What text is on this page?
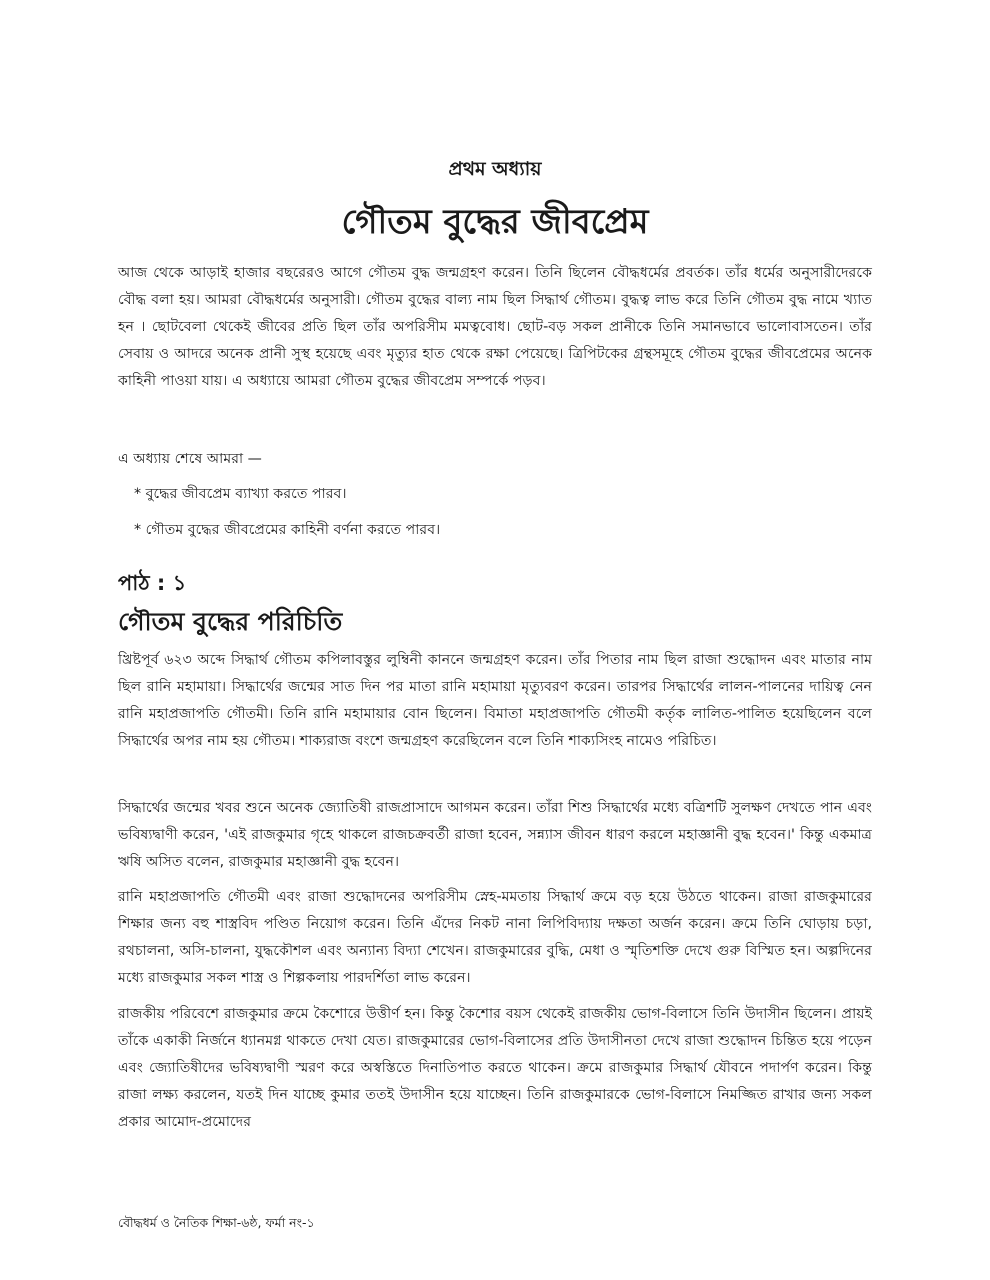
প্রথম অধ্যায়
গৌতম বুদ্ধের জীবপ্রেম

আজ থেকে আড়াই হাজার বছরেরও আগে গৌতম বুদ্ধ জন্মগ্রহণ করেন। তিনি ছিলেন বৌদ্ধধর্মের প্রবর্তক। তাঁর ধর্মের অনুসারীদেরকে বৌদ্ধ বলা হয়। আমরা বৌদ্ধধর্মের অনুসারী। গৌতম বুদ্ধের বাল্য নাম ছিল সিদ্ধার্থ গৌতম। বুদ্ধত্ব লাভ করে তিনি গৌতম বুদ্ধ নামে খ্যাত হন । ছোটবেলা থেকেই জীবের প্রতি ছিল তাঁর অপরিসীম মমত্ববোধ। ছোট-বড় সকল প্রানীকে তিনি সমানভাবে ভালোবাসতেন। তাঁর সেবায় ও আদরে অনেক প্রানী সুস্থ হয়েছে এবং মৃত্যুর হাত থেকে রক্ষা পেয়েছে। ত্রিপিটকের গ্রন্থসমূহে গৌতম বুদ্ধের জীবপ্রেমের অনেক কাহিনী পাওয়া যায়। এ অধ্যায়ে আমরা গৌতম বুদ্ধের জীবপ্রেম সম্পর্কে পড়ব।

এ অধ্যায় শেষে আমরা —

* বুদ্ধের জীবপ্রেম ব্যাখ্যা করতে পারব।

* গৌতম বুদ্ধের জীবপ্রেমের কাহিনী বর্ণনা করতে পারব।

পাঠ : ১

গৌতম বুদ্ধের পরিচিতি

খ্রিষ্টপূর্ব ৬২৩ অব্দে সিদ্ধার্থ গৌতম কপিলাবস্তুর লুম্বিনী কাননে জন্মগ্রহণ করেন। তাঁর পিতার নাম ছিল রাজা শুদ্ধোদন এবং মাতার নাম ছিল রানি মহামায়া। সিদ্ধার্থের জন্মের সাত দিন পর মাতা রানি মহামায়া মৃত্যুবরণ করেন। তারপর সিদ্ধার্থের লালন-পালনের দায়িত্ব নেন রানি মহাপ্রজাপতি গৌতমী। তিনি রানি মহামায়ার বোন ছিলেন। বিমাতা মহাপ্রজাপতি গৌতমী কর্তৃক লালিত-পালিত হয়েছিলেন বলে সিদ্ধার্থের অপর নাম হয় গৌতম। শাক্যরাজ বংশে জন্মগ্রহণ করেছিলেন বলে তিনি শাক্যসিংহ নামেও পরিচিত।

সিদ্ধার্থের জন্মের খবর শুনে অনেক জ্যোতিষী রাজপ্রাসাদে আগমন করেন। তাঁরা শিশু সিদ্ধার্থের মধ্যে বত্রিশটি সুলক্ষণ দেখতে পান এবং ভবিষ্যদ্বাণী করেন, 'এই রাজকুমার গৃহে থাকলে রাজচক্রবর্তী রাজা হবেন, সন্ন্যাস জীবন ধারণ করলে মহাজ্ঞানী বুদ্ধ হবেন।' কিন্তু একমাত্র ঋষি অসিত বলেন, রাজকুমার মহাজ্ঞানী বুদ্ধ হবেন।

রানি মহাপ্রজাপতি গৌতমী এবং রাজা শুদ্ধোদনের অপরিসীম স্নেহ-মমতায় সিদ্ধার্থ ক্রমে বড় হয়ে উঠতে থাকেন। রাজা রাজকুমারের শিক্ষার জন্য বহু শাস্ত্রবিদ পণ্ডিত নিয়োগ করেন। তিনি এঁদের নিকট নানা লিপিবিদ্যায় দক্ষতা অর্জন করেন। ক্রমে তিনি ঘোড়ায় চড়া, রথচালনা, অসি-চালনা, যুদ্ধকৌশল এবং অন্যান্য বিদ্যা শেখেন। রাজকুমারের বুদ্ধি, মেধা ও স্মৃতিশক্তি দেখে গুরু বিস্মিত হন। অল্পদিনের মধ্যে রাজকুমার সকল শাস্ত্র ও শিল্পকলায় পারদর্শিতা লাভ করেন।

রাজকীয় পরিবেশে রাজকুমার ক্রমে কৈশোরে উত্তীর্ণ হন। কিন্তু কৈশোর বয়স থেকেই রাজকীয় ভোগ-বিলাসে তিনি উদাসীন ছিলেন। প্রায়ই তাঁকে একাকী নির্জনে ধ্যানমগ্ন থাকতে দেখা যেত। রাজকুমারের ভোগ-বিলাসের প্রতি উদাসীনতা দেখে রাজা শুদ্ধোদন চিন্তিত হয়ে পড়েন এবং জ্যোতিষীদের ভবিষ্যদ্বাণী স্মরণ করে অস্বস্তিতে দিনাতিপাত করতে থাকেন। ক্রমে রাজকুমার সিদ্ধার্থ যৌবনে পদার্পণ করেন। কিন্তু রাজা লক্ষ্য করলেন, যতই দিন যাচ্ছে কুমার ততই উদাসীন হয়ে যাচ্ছেন। তিনি রাজকুমারকে ভোগ-বিলাসে নিমজ্জিত রাখার জন্য সকল প্রকার আমোদ-প্রমোদের

বৌদ্ধধর্ম ও নৈতিক শিক্ষা-৬ষ্ঠ, ফর্মা নং-১
